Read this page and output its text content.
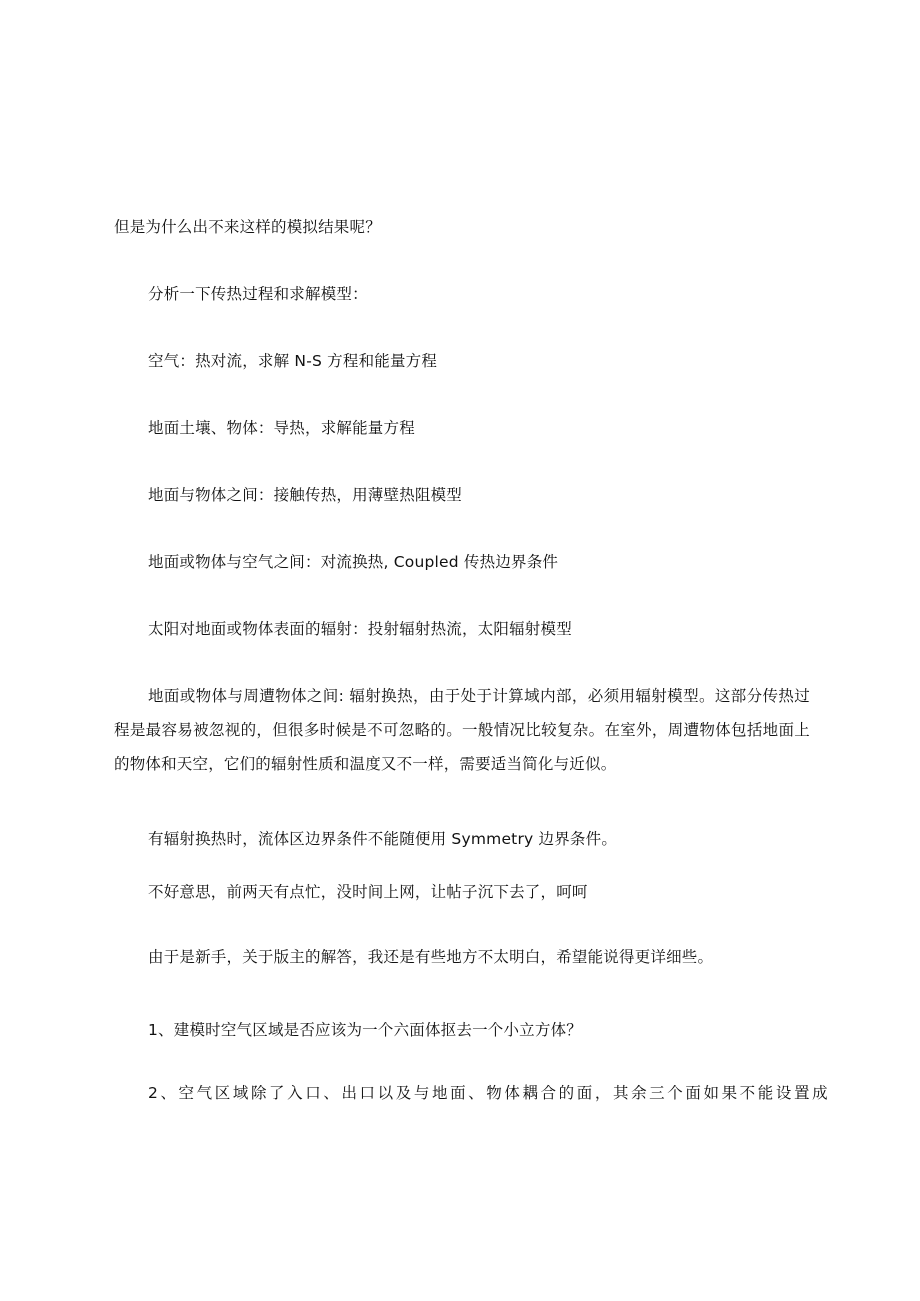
但是为什么出不来这样的模拟结果呢？
分析一下传热过程和求解模型：
空气：热对流，求解 N-S 方程和能量方程
地面土壤、物体：导热，求解能量方程
地面与物体之间：接触传热，用薄壁热阻模型
地面或物体与空气之间：对流换热, Coupled 传热边界条件
太阳对地面或物体表面的辐射：投射辐射热流，太阳辐射模型
地面或物体与周遭物体之间: 辐射换热，由于处于计算域内部，必须用辐射模型。这部分传热过程是最容易被忽视的，但很多时候是不可忽略的。一般情况比较复杂。在室外，周遭物体包括地面上的物体和天空，它们的辐射性质和温度又不一样，需要适当简化与近似。
有辐射换热时，流体区边界条件不能随便用 Symmetry 边界条件。
不好意思，前两天有点忙，没时间上网，让帖子沉下去了，呵呵
由于是新手，关于版主的解答，我还是有些地方不太明白，希望能说得更详细些。
1、建模时空气区域是否应该为一个六面体抠去一个小立方体？
2、空气区域除了入口、出口以及与地面、物体耦合的面，其余三个面如果不能设置成
